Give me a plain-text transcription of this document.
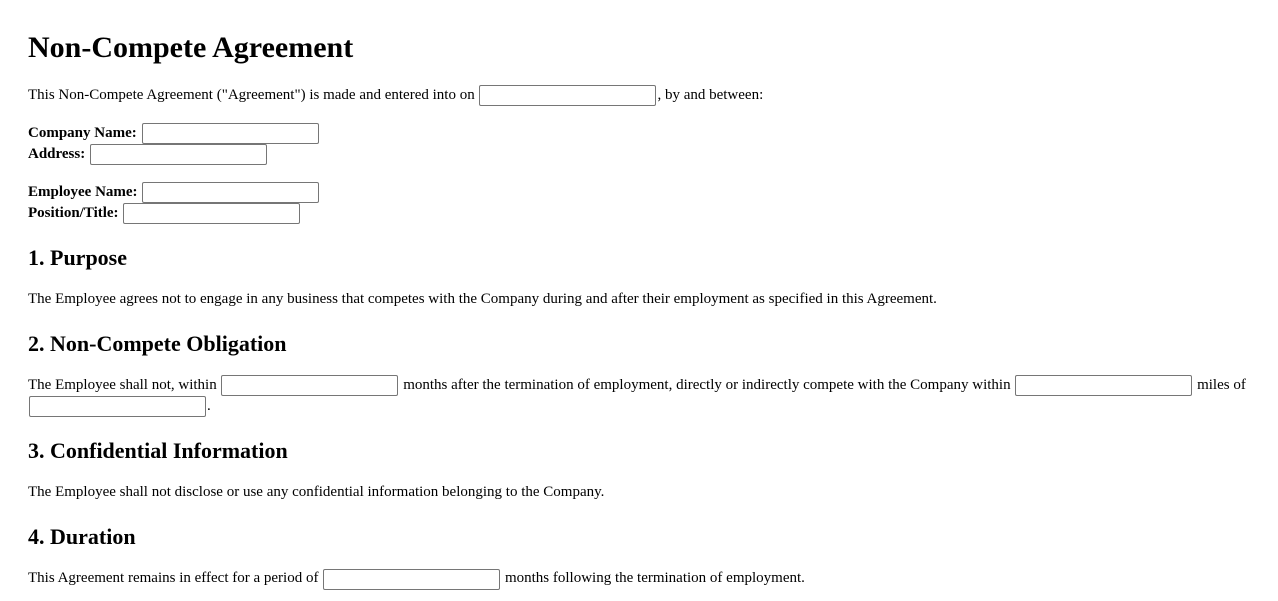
Non-Compete Agreement

This Non-Compete Agreement ("Agreement") is made and entered into on	, by and between:

Company Name:
Address:
Employee Name:
Position/Title:
1. Purpose

The Employee agrees not to engage in any business that competes with the Company during and after their employment as specified in this Agreement.

2. Non-Compete Obligation

The Employee shall not, within	months after the termination of employment, directly or indirectly compete with the Company within	miles of .

3. Confidential Information

The Employee shall not disclose or use any confidential information belonging to the Company.

4. Duration

This Agreement remains in effect for a period of	months following the termination of employment.
